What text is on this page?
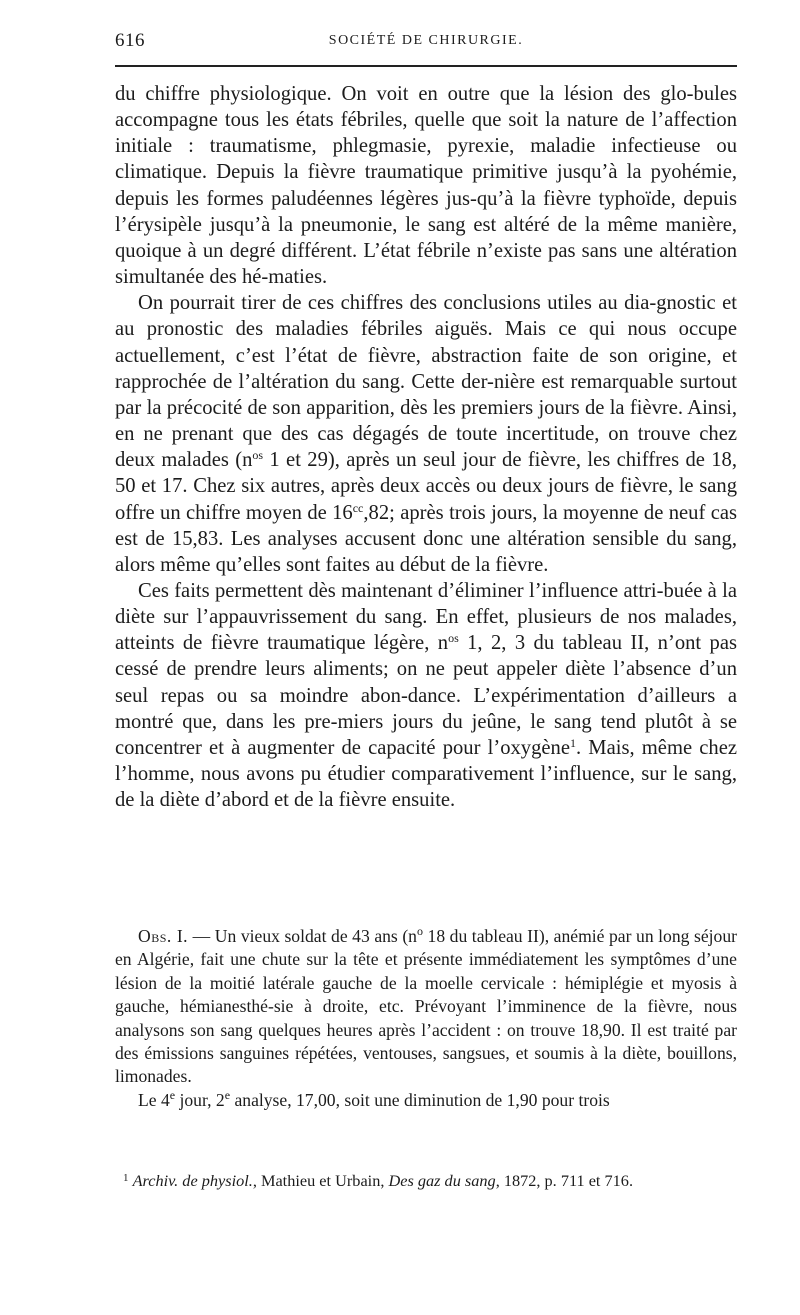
616	SOCIÉTÉ DE CHIRURGIE.

du chiffre physiologique. On voit en outre que la lésion des glo-bules accompagne tous les états fébriles, quelle que soit la nature de l’affection initiale : traumatisme, phlegmasie, pyrexie, maladie infectieuse ou climatique. Depuis la fièvre traumatique primitive jusqu’à la pyohémie, depuis les formes paludéennes légères jus-qu’à la fièvre typhoïde, depuis l’érysipèle jusqu’à la pneumonie, le sang est altéré de la même manière, quoique à un degré différent. L’état fébrile n’existe pas sans une altération simultanée des hé-maties.

On pourrait tirer de ces chiffres des conclusions utiles au dia-gnostic et au pronostic des maladies fébriles aiguës. Mais ce qui nous occupe actuellement, c’est l’état de fièvre, abstraction faite de son origine, et rapprochée de l’altération du sang. Cette der-nière est remarquable surtout par la précocité de son apparition, dès les premiers jours de la fièvre. Ainsi, en ne prenant que des cas dégagés de toute incertitude, on trouve chez deux malades ($n^{os}$ 1 et 29), après un seul jour de fièvre, les chiffres de 18, 50 et 17. Chez six autres, après deux accès ou deux jours de fièvre, le sang offre un chiffre moyen de $16^{cc},82$; après trois jours, la moyenne de neuf cas est de 15,83. Les analyses accusent donc une altération sensible du sang, alors même qu’elles sont faites au début de la fièvre.

Ces faits permettent dès maintenant d’éliminer l’influence attri-buée à la diète sur l’appauvrissement du sang. En effet, plusieurs de nos malades, atteints de fièvre traumatique légère, $n^{os}$ 1, 2, 3 du tableau II, n’ont pas cessé de prendre leurs aliments; on ne peut appeler diète l’absence d’un seul repas ou sa moindre abon-dance. L’expérimentation d’ailleurs a montré que, dans les pre-miers jours du jeûne, le sang tend plutôt à se concentrer et à augmenter de capacité pour l’oxygène$^1$. Mais, même chez l’homme, nous avons pu étudier comparativement l’influence, sur le sang, de la diète d’abord et de la fièvre ensuite.

Obs. I. — Un vieux soldat de 43 ans ($n^o$ 18 du tableau II), anémié par un long séjour en Algérie, fait une chute sur la tête et présente immédiatement les symptômes d’une lésion de la moitié latérale gauche de la moelle cervicale : hémiplégie et myosis à gauche, hémianesthé-sie à droite, etc. Prévoyant l’imminence de la fièvre, nous analysons son sang quelques heures après l’accident : on trouve 18,90. Il est traité par des émissions sanguines répétées, ventouses, sangsues, et soumis à la diète, bouillons, limonades.

Le 4e jour, 2e analyse, 17,00, soit une diminution de 1,90 pour trois

$^1$ Archiv. de physiol., Mathieu et Urbain, Des gaz du sang, 1872, p. 711 et 716.
